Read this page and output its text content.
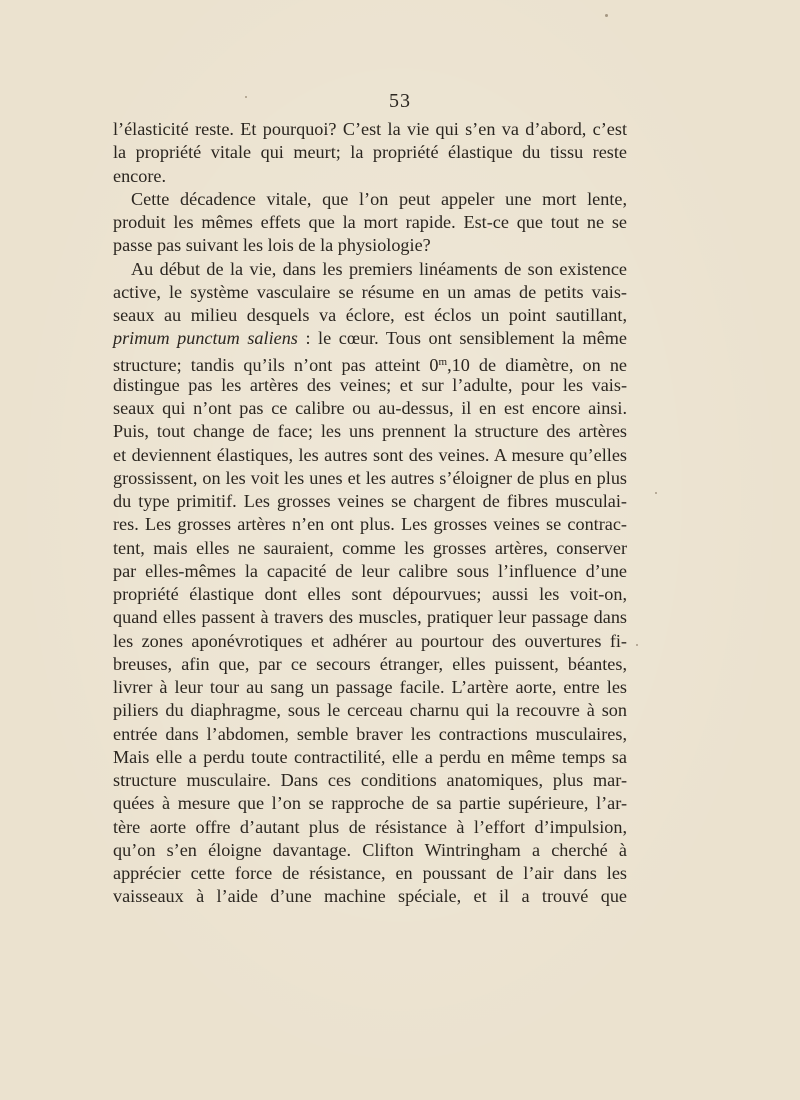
53
l’élasticité reste. Et pourquoi? C’est la vie qui s’en va d’abord, c’est
la propriété vitale qui meurt; la propriété élastique du tissu reste
encore.
Cette décadence vitale, que l’on peut appeler une mort lente,
produit les mêmes effets que la mort rapide. Est-ce que tout ne se
passe pas suivant les lois de la physiologie?
Au début de la vie, dans les premiers linéaments de son existence
active, le système vasculaire se résume en un amas de petits vais-
seaux au milieu desquels va éclore, est éclos un point sautillant,
primum punctum saliens : le cœur. Tous ont sensiblement la même
structure; tandis qu’ils n’ont pas atteint 0$^m$,10 de diamètre, on ne
distingue pas les artères des veines; et sur l’adulte, pour les vais-
seaux qui n’ont pas ce calibre ou au-dessus, il en est encore ainsi.
Puis, tout change de face; les uns prennent la structure des artères
et deviennent élastiques, les autres sont des veines. A mesure qu’elles
grossissent, on les voit les unes et les autres s’éloigner de plus en plus
du type primitif. Les grosses veines se chargent de fibres musculai-
res. Les grosses artères n’en ont plus. Les grosses veines se contrac-
tent, mais elles ne sauraient, comme les grosses artères, conserver
par elles-mêmes la capacité de leur calibre sous l’influence d’une
propriété élastique dont elles sont dépourvues; aussi les voit-on,
quand elles passent à travers des muscles, pratiquer leur passage dans
les zones aponévrotiques et adhérer au pourtour des ouvertures fi-
breuses, afin que, par ce secours étranger, elles puissent, béantes,
livrer à leur tour au sang un passage facile. L’artère aorte, entre les
piliers du diaphragme, sous le cerceau charnu qui la recouvre à son
entrée dans l’abdomen, semble braver les contractions musculaires,
Mais elle a perdu toute contractilité, elle a perdu en même temps sa
structure musculaire. Dans ces conditions anatomiques, plus mar-
quées à mesure que l’on se rapproche de sa partie supérieure, l’ar-
tère aorte offre d’autant plus de résistance à l’effort d’impulsion,
qu’on s’en éloigne davantage. Clifton Wintringham a cherché à
apprécier cette force de résistance, en poussant de l’air dans les
vaisseaux à l’aide d’une machine spéciale, et il a trouvé que
